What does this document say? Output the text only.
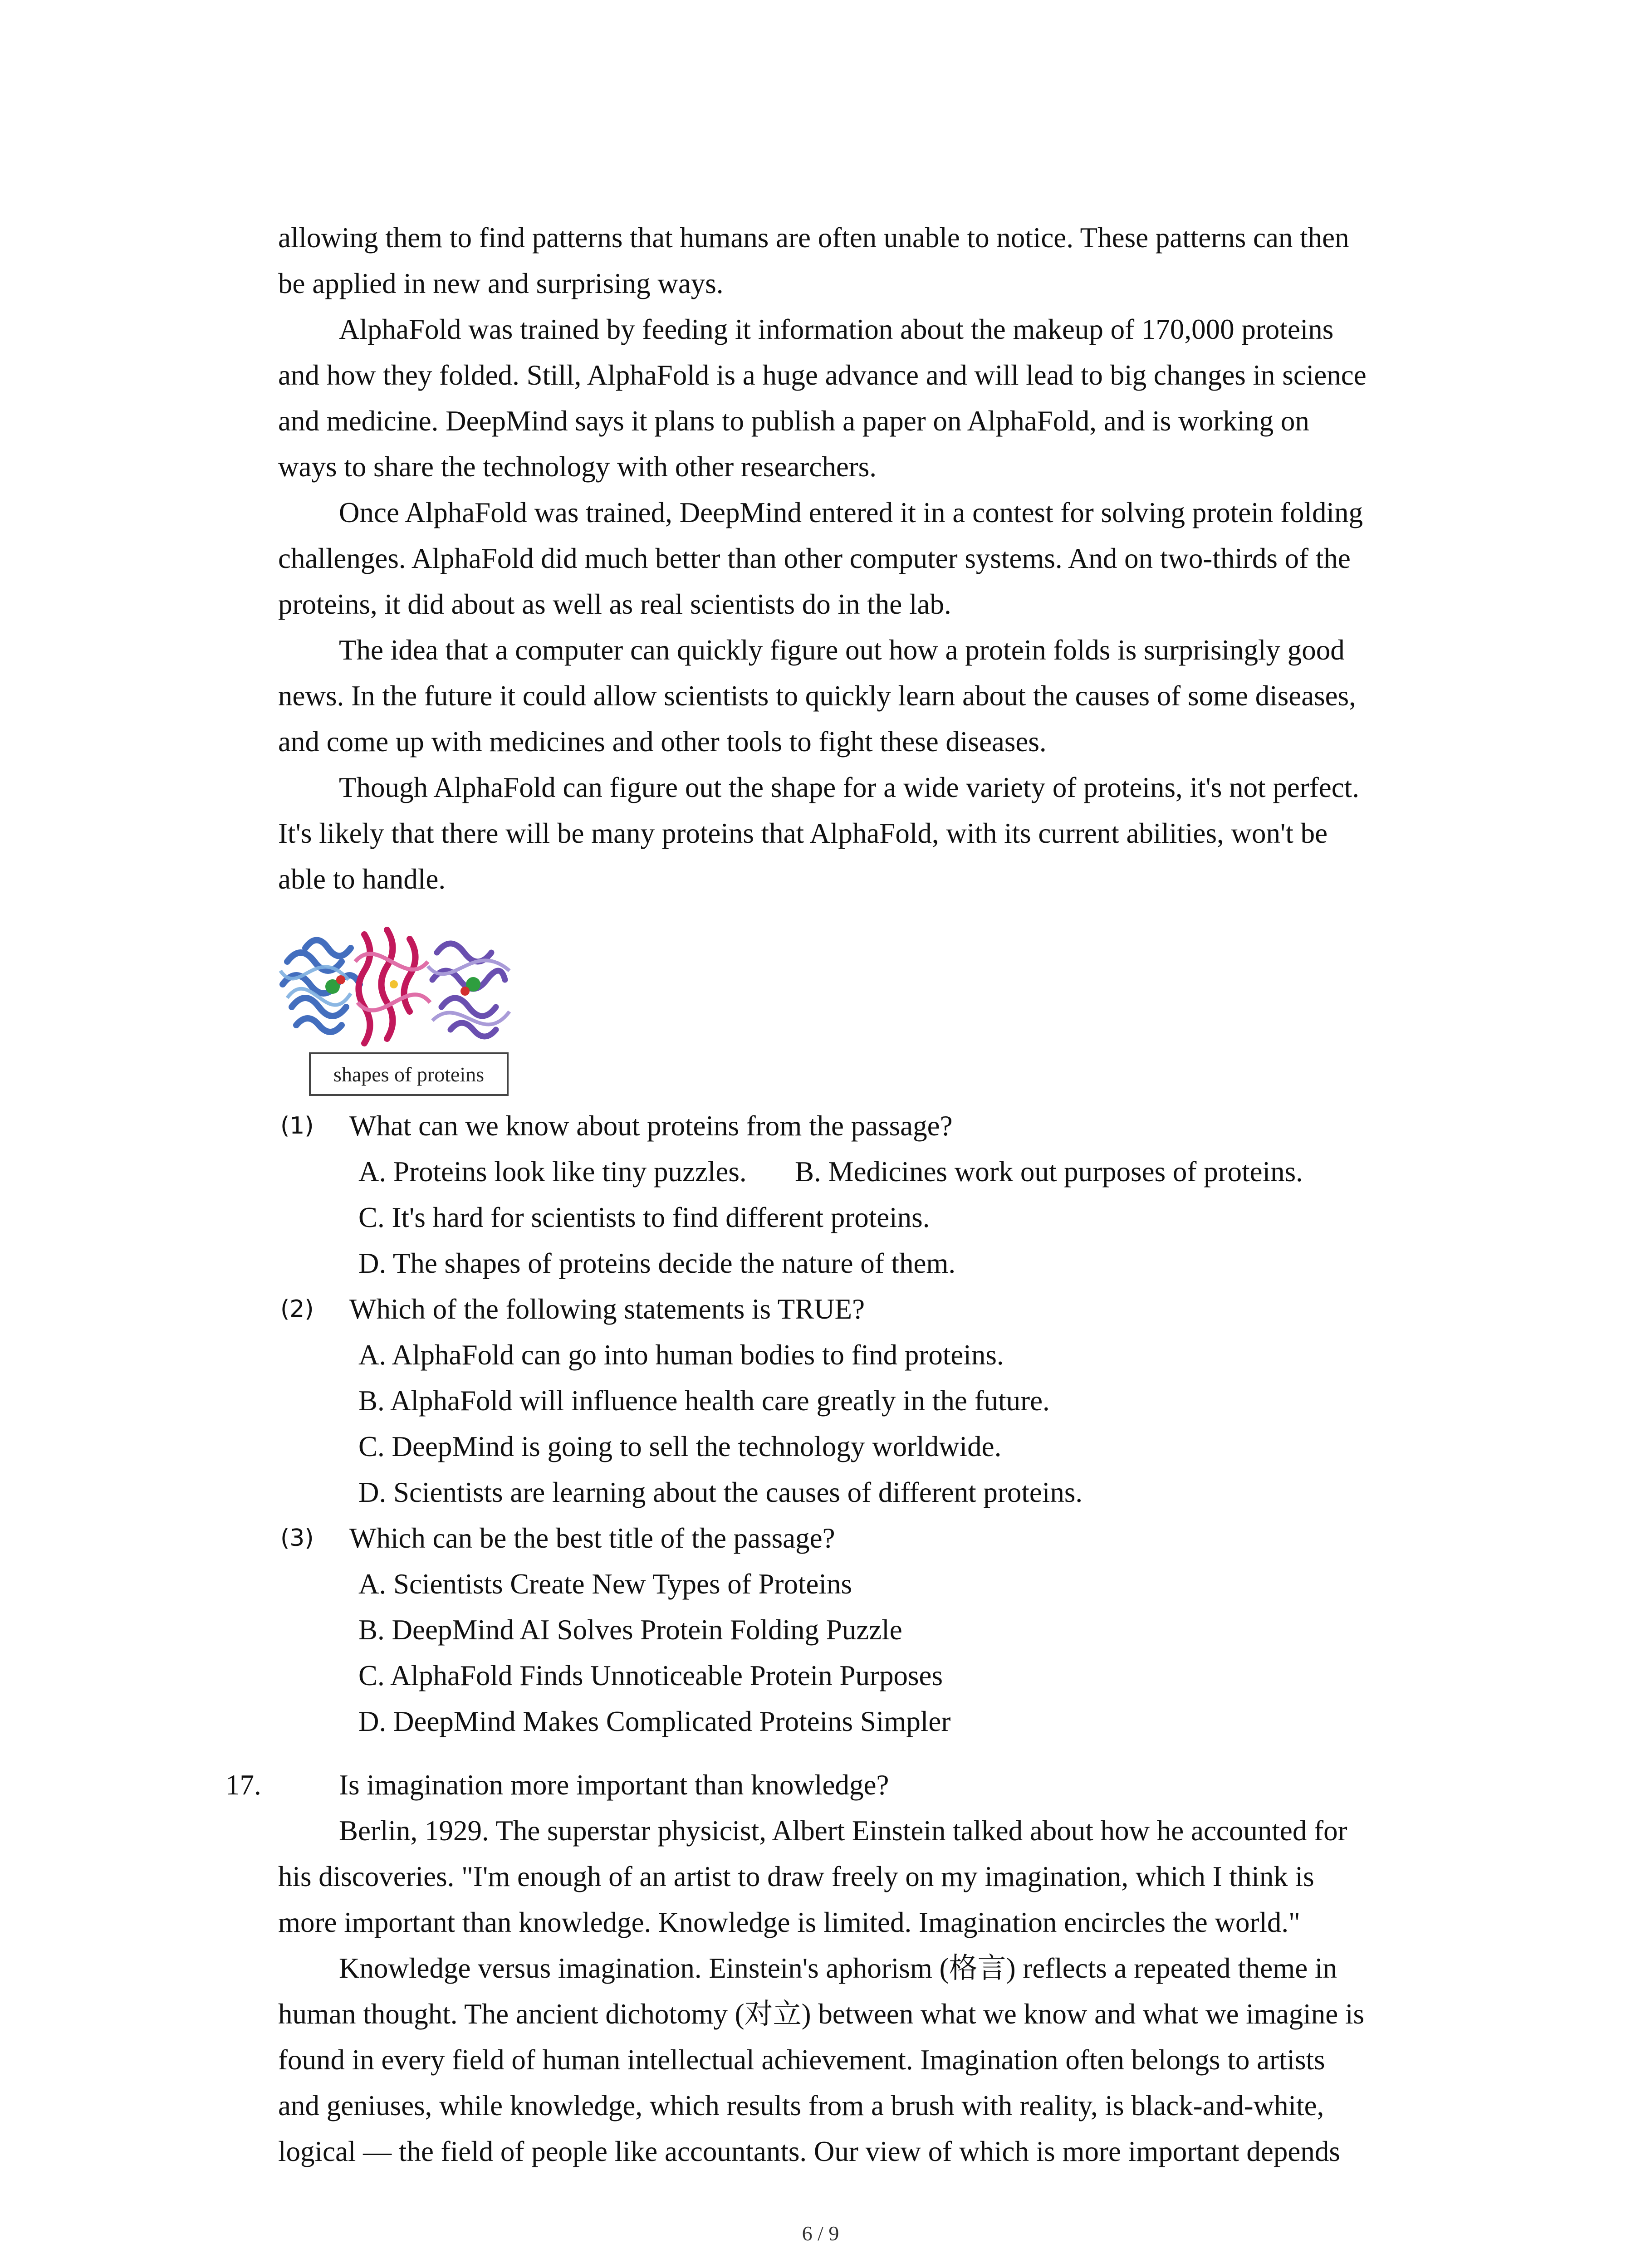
allowing them to find patterns that humans are often unable to notice. These patterns can then
be applied in new and surprising ways.
AlphaFold was trained by feeding it information about the makeup of 170,000 proteins
and how they folded. Still, AlphaFold is a huge advance and will lead to big changes in science
and medicine. DeepMind says it plans to publish a paper on AlphaFold, and is working on
ways to share the technology with other researchers.
Once AlphaFold was trained, DeepMind entered it in a contest for solving protein folding
challenges. AlphaFold did much better than other computer systems. And on two-thirds of the
proteins, it did about as well as real scientists do in the lab.
The idea that a computer can quickly figure out how a protein folds is surprisingly good
news. In the future it could allow scientists to quickly learn about the causes of some diseases,
and come up with medicines and other tools to fight these diseases.
Though AlphaFold can figure out the shape for a wide variety of proteins, it's not perfect.
It's likely that there will be many proteins that AlphaFold, with its current abilities, won't be
able to handle.
shapes of proteins
(1) What can we know about proteins from the passage?
A. Proteins look like tiny puzzles. B. Medicines work out purposes of proteins.
C. It's hard for scientists to find different proteins.
D. The shapes of proteins decide the nature of them.
(2) Which of the following statements is TRUE?
A. AlphaFold can go into human bodies to find proteins.
B. AlphaFold will influence health care greatly in the future.
C. DeepMind is going to sell the technology worldwide.
D. Scientists are learning about the causes of different proteins.
(3) Which can be the best title of the passage?
A. Scientists Create New Types of Proteins
B. DeepMind AI Solves Protein Folding Puzzle
C. AlphaFold Finds Unnoticeable Protein Purposes
D. DeepMind Makes Complicated Proteins Simpler
17.	Is imagination more important than knowledge?
Berlin, 1929. The superstar physicist, Albert Einstein talked about how he accounted for
his discoveries. "I'm enough of an artist to draw freely on my imagination, which I think is
more important than knowledge. Knowledge is limited. Imagination encircles the world."
Knowledge versus imagination. Einstein's aphorism (格言) reflects a repeated theme in
human thought. The ancient dichotomy (对立) between what we know and what we imagine is
found in every field of human intellectual achievement. Imagination often belongs to artists
and geniuses, while knowledge, which results from a brush with reality, is black-and-white,
logical — the field of people like accountants. Our view of which is more important depends
6 / 9
